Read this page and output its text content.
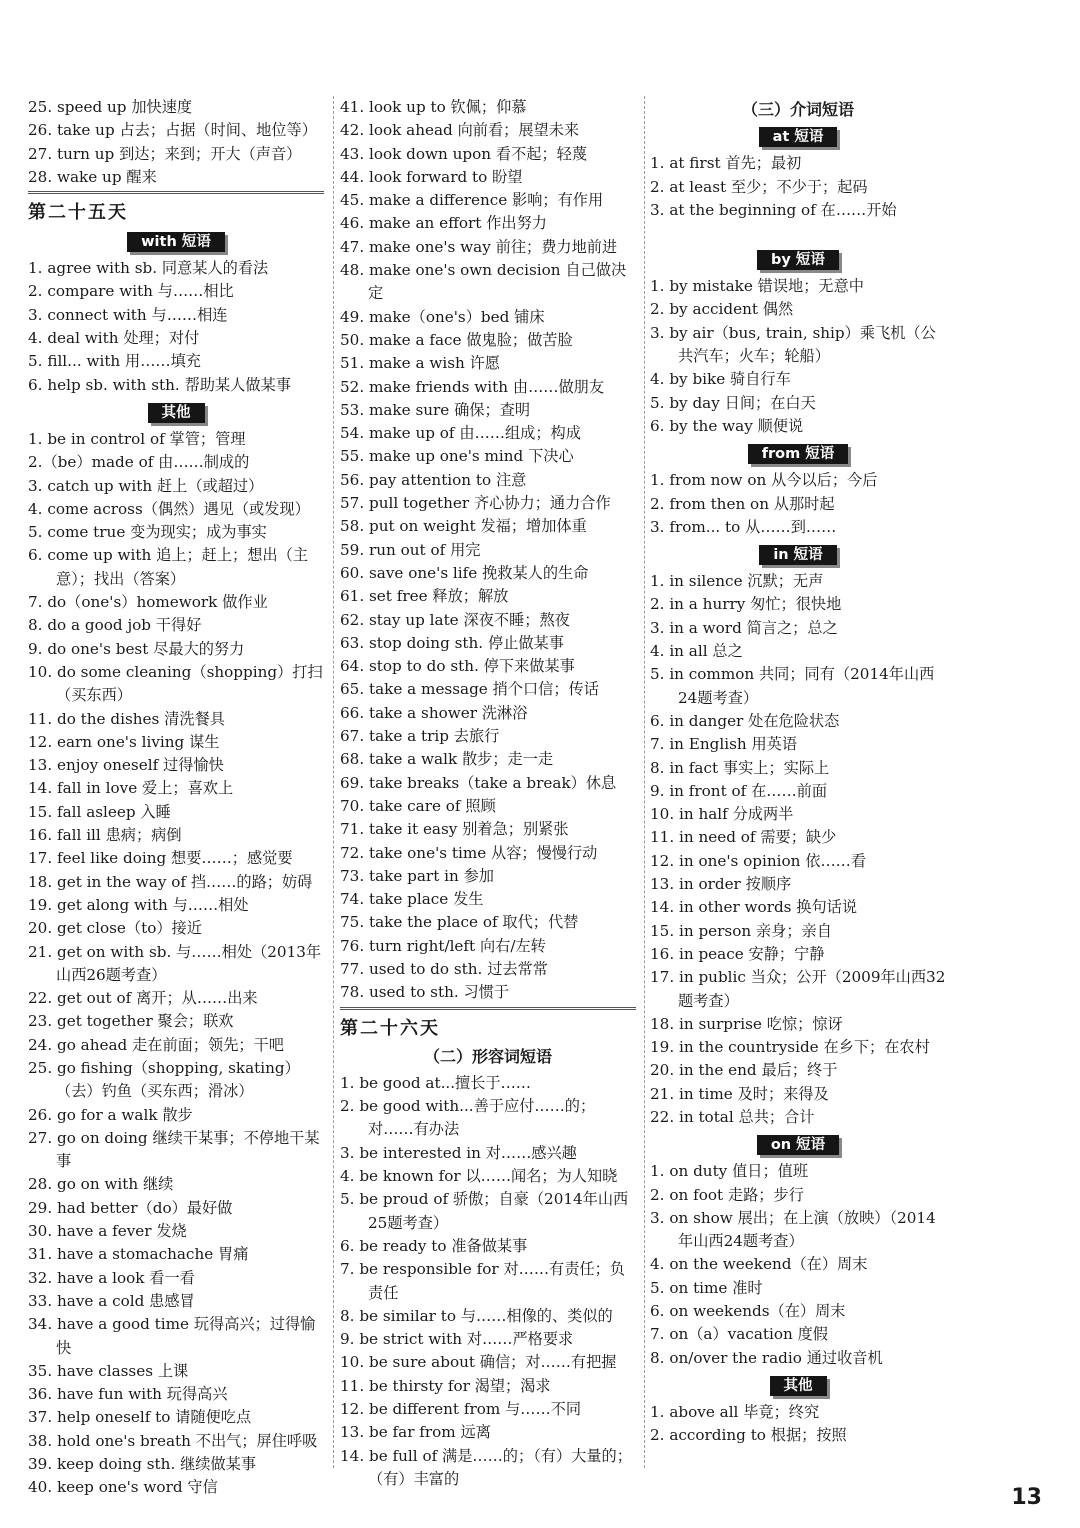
25. speed up 加快速度

26. take up 占去；占据（时间、地位等）

27. turn up 到达；来到；开大（声音）

28. wake up 醒来

第二十五天
with 短语

1. agree with sb. 同意某人的看法

2. compare with 与……相比

3. connect with 与……相连

4. deal with 处理；对付

5. fill... with 用……填充

6. help sb. with sth. 帮助某人做某事

其他

1. be in control of 掌管；管理

2.（be）made of 由……制成的

3. catch up with 赶上（或超过）

4. come across（偶然）遇见（或发现）

5. come true 变为现实；成为事实

6. come up with 追上；赶上；想出（主意）；找出（答案）

7. do（one's）homework 做作业

8. do a good job 干得好

9. do one's best 尽最大的努力

10. do some cleaning（shopping）打扫（买东西）

11. do the dishes 清洗餐具

12. earn one's living 谋生

13. enjoy oneself 过得愉快

14. fall in love 爱上；喜欢上

15. fall asleep 入睡

16. fall ill 患病；病倒

17. feel like doing 想要……；感觉要

18. get in the way of 挡……的路；妨碍

19. get along with 与……相处

20. get close（to）接近

21. get on with sb. 与……相处（2013年山西26题考查）

22. get out of 离开；从……出来

23. get together 聚会；联欢

24. go ahead 走在前面；领先；干吧

25. go fishing（shopping, skating）（去）钓鱼（买东西；滑冰）

26. go for a walk 散步

27. go on doing 继续干某事；不停地干某事

28. go on with 继续

29. had better（do）最好做

30. have a fever 发烧

31. have a stomachache 胃痛

32. have a look 看一看

33. have a cold 患感冒

34. have a good time 玩得高兴；过得愉快

35. have classes 上课

36. have fun with 玩得高兴

37. help oneself to 请随便吃点

38. hold one's breath 不出气；屏住呼吸

39. keep doing sth. 继续做某事

40. keep one's word 守信

41. look up to 钦佩；仰慕

42. look ahead 向前看；展望未来

43. look down upon 看不起；轻蔑

44. look forward to 盼望

45. make a difference 影响；有作用

46. make an effort 作出努力

47. make one's way 前往；费力地前进

48. make one's own decision 自己做决定

49. make（one's）bed 铺床

50. make a face 做鬼脸；做苦脸

51. make a wish 许愿

52. make friends with 由……做朋友

53. make sure 确保；查明

54. make up of 由……组成；构成

55. make up one's mind 下决心

56. pay attention to 注意

57. pull together 齐心协力；通力合作

58. put on weight 发福；增加体重

59. run out of 用完

60. save one's life 挽救某人的生命

61. set free 释放；解放

62. stay up late 深夜不睡；熬夜

63. stop doing sth. 停止做某事

64. stop to do sth. 停下来做某事

65. take a message 捎个口信；传话

66. take a shower 洗淋浴

67. take a trip 去旅行

68. take a walk 散步；走一走

69. take breaks（take a break）休息

70. take care of 照顾

71. take it easy 别着急；别紧张

72. take one's time 从容；慢慢行动

73. take part in 参加

74. take place 发生

75. take the place of 取代；代替

76. turn right/left 向右/左转

77. used to do sth. 过去常常

78. used to sth. 习惯于

第二十六天
（二）形容词短语

1. be good at...擅长于……

2. be good with...善于应付……的；对……有办法

3. be interested in 对……感兴趣

4. be known for 以……闻名；为人知晓

5. be proud of 骄傲；自豪（2014年山西25题考查）

6. be ready to 准备做某事

7. be responsible for 对……有责任；负责任

8. be similar to 与……相像的、类似的

9. be strict with 对……严格要求

10. be sure about 确信；对……有把握

11. be thirsty for 渴望；渴求

12. be different from 与……不同

13. be far from 远离

14. be full of 满是……的；（有）大量的；（有）丰富的

（三）介词短语
at 短语

1. at first 首先；最初

2. at least 至少；不少于；起码

3. at the beginning of 在……开始

by 短语

1. by mistake 错误地；无意中

2. by accident 偶然

3. by air（bus, train, ship）乘飞机（公共汽车；火车；轮船）

4. by bike 骑自行车

5. by day 日间；在白天

6. by the way 顺便说

from 短语

1. from now on 从今以后；今后

2. from then on 从那时起

3. from... to 从……到……

in 短语

1. in silence 沉默；无声

2. in a hurry 匆忙；很快地

3. in a word 简言之；总之

4. in all 总之

5. in common 共同；同有（2014年山西24题考查）

6. in danger 处在危险状态

7. in English 用英语

8. in fact 事实上；实际上

9. in front of 在……前面

10. in half 分成两半

11. in need of 需要；缺少

12. in one's opinion 依……看

13. in order 按顺序

14. in other words 换句话说

15. in person 亲身；亲自

16. in peace 安静；宁静

17. in public 当众；公开（2009年山西32题考查）

18. in surprise 吃惊；惊讶

19. in the countryside 在乡下；在农村

20. in the end 最后；终于

21. in time 及时；来得及

22. in total 总共；合计

on 短语

1. on duty 值日；值班

2. on foot 走路；步行

3. on show 展出；在上演（放映）（2014年山西24题考查）

4. on the weekend（在）周末

5. on time 准时

6. on weekends（在）周末

7. on（a）vacation 度假

8. on/over the radio 通过收音机

其他

1. above all 毕竟；终究

2. according to 根据；按照

13
